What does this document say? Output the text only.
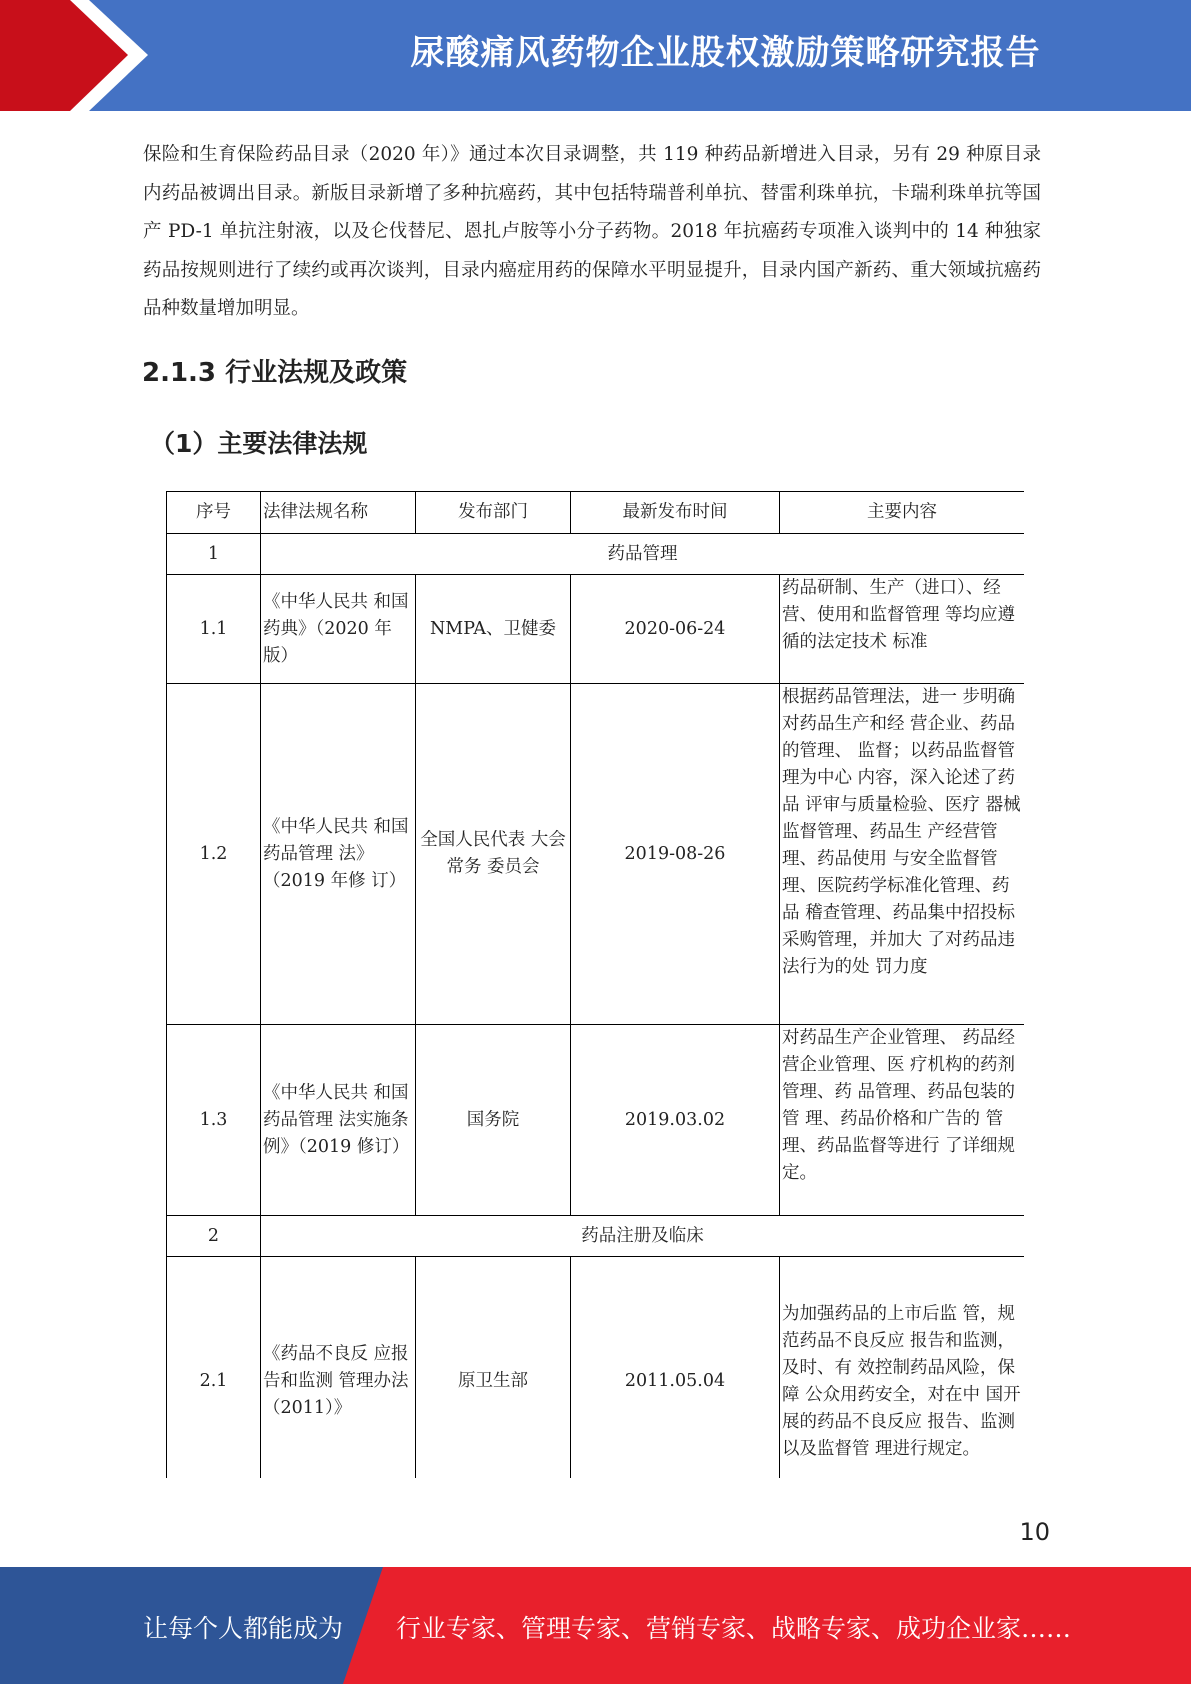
尿酸痛风药物企业股权激励策略研究报告

保险和生育保险药品目录（2020 年）》通过本次目录调整，共 119 种药品新增进入目录，另有 29 种原目录内药品被调出目录。新版目录新增了多种抗癌药，其中包括特瑞普利单抗、替雷利珠单抗，卡瑞利珠单抗等国产 PD-1 单抗注射液，以及仑伐替尼、恩扎卢胺等小分子药物。2018 年抗癌药专项准入谈判中的 14 种独家药品按规则进行了续约或再次谈判，目录内癌症用药的保障水平明显提升，目录内国产新药、重大领域抗癌药品种数量增加明显。

2.1.3 行业法规及政策
（1）主要法律法规
序号	法律法规名称	发布部门	最新发布时间	主要内容
1	药品管理			
1.1	《中华人民共 和国药典》（2020 年版）	NMPA、卫健委	2020-06-24	药品研制、生产（进口）、经营、使用和监督管理 等均应遵循的法定技术 标准
1.2	《中华人民共 和国药品管理 法》（2019 年修 订）	全国人民代表 大会常务 委员会	2019-08-26	根据药品管理法，进一 步明确对药品生产和经 营企业、药品的管理、 监督；以药品监督管理为中心 内容，深入论述了药品 评审与质量检验、医疗 器械监督管理、药品生 产经营管理、药品使用 与安全监督管理、医院药学标准化管理、药品 稽查管理、药品集中招投标采购管理，并加大 了对药品违法行为的处 罚力度

1.3	《中华人民共 和国药品管理 法实施条例》（2019 修订）	国务院	2019.03.02	对药品生产企业管理、 药品经营企业管理、医 疗机构的药剂管理、药 品管理、药品包装的管 理、药品价格和广告的 管理、药品监督等进行 了详细规定。
2	药品注册及临床			
2.1	《药品不良反 应报告和监测 管理办法（2011）》	原卫生部	2011.05.04	为加强药品的上市后监 管，规范药品不良反应 报告和监测，及时、有 效控制药品风险，保障 公众用药安全，对在中 国开展的药品不良反应 报告、监测以及监督管 理进行规定。
10
让每个人都能成为 行业专家、管理专家、营销专家、战略专家、成功企业家……
